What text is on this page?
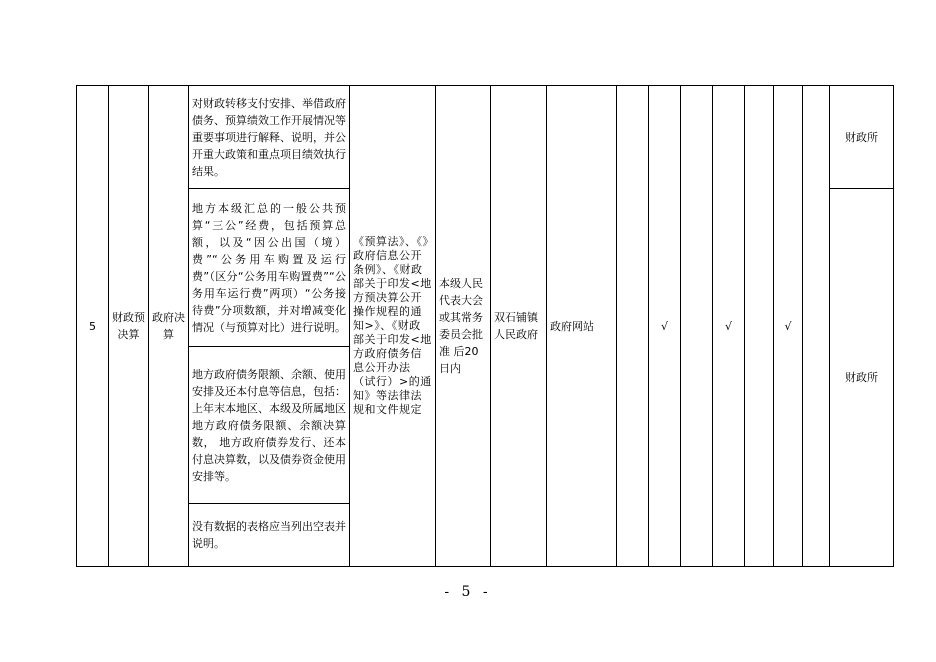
5	财政预决算	政府决算	对财政转移支付安排、举借政府债务、预算绩效工作开展情况等重要事项进行解释、说明，并公开重大政策和重点项目绩效执行结果。	《预算法》、《》政府信息公开条例》、《财政部关于印发<地方预决算公开操作规程的通知>》、《财政部关于印发<地方政府债务信息公开办法（试行）>的通知》等法律法规和文件规定	本级人民代表大会或其常务委员会批准 后20日内	双石铺镇人民政府	政府网站		√		√		√		财政所
			地方本级汇总的一般公共预算“三公”经费，包括预算总额，以及“因公出国（境）费”“公务用车购置及运行费”（区分“公务用车购置费”“公务用车运行费”两项）“公务接待费”分项数额，并对增减变化情况（与预算对比）进行说明。												财政所
			地方政府债务限额、余额、使用安排及还本付息等信息，包括：上年末本地区、本级及所属地区地方政府债务限额、余额决算数， 地方政府债券发行、还本付息决算数，以及债券资金使用安排等。												
			没有数据的表格应当列出空表并说明。												
- 5 -
